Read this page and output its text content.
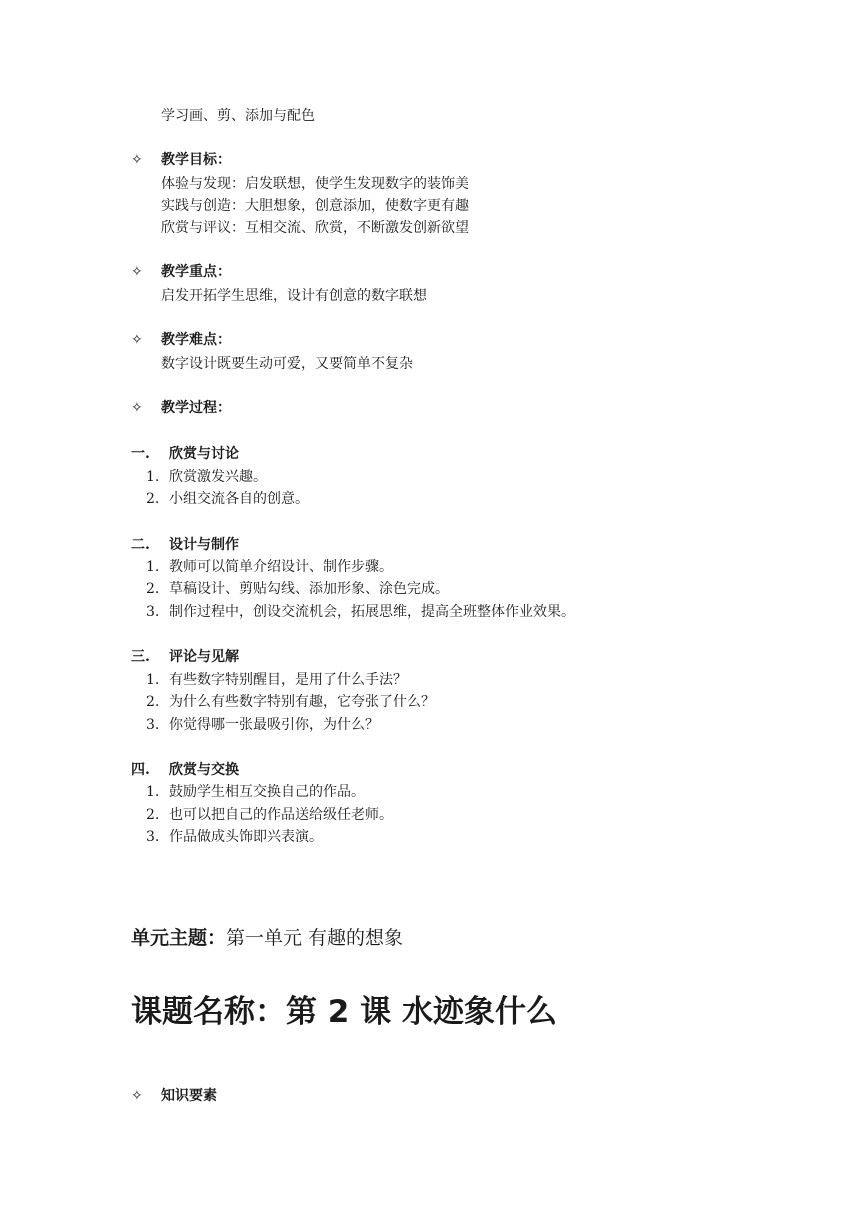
学习画、剪、添加与配色
✧ 教学目标：
体验与发现：启发联想，使学生发现数字的装饰美
实践与创造：大胆想象，创意添加，使数字更有趣
欣赏与评议：互相交流、欣赏，不断激发创新欲望
✧ 教学重点：
启发开拓学生思维，设计有创意的数字联想
✧ 教学难点：
数字设计既要生动可爱，又要简单不复杂
✧ 教学过程：
一. 欣赏与讨论
1. 欣赏激发兴趣。
2. 小组交流各自的创意。
二. 设计与制作
1. 教师可以简单介绍设计、制作步骤。
2. 草稿设计、剪贴勾线、添加形象、涂色完成。
3. 制作过程中，创设交流机会，拓展思维，提高全班整体作业效果。
三. 评论与见解
1. 有些数字特别醒目，是用了什么手法？
2. 为什么有些数字特别有趣，它夸张了什么？
3. 你觉得哪一张最吸引你，为什么？
四. 欣赏与交换
1. 鼓励学生相互交换自己的作品。
2. 也可以把自己的作品送给级任老师。
3. 作品做成头饰即兴表演。
单元主题：第一单元 有趣的想象
课题名称：第 2 课 水迹象什么
✧ 知识要素
